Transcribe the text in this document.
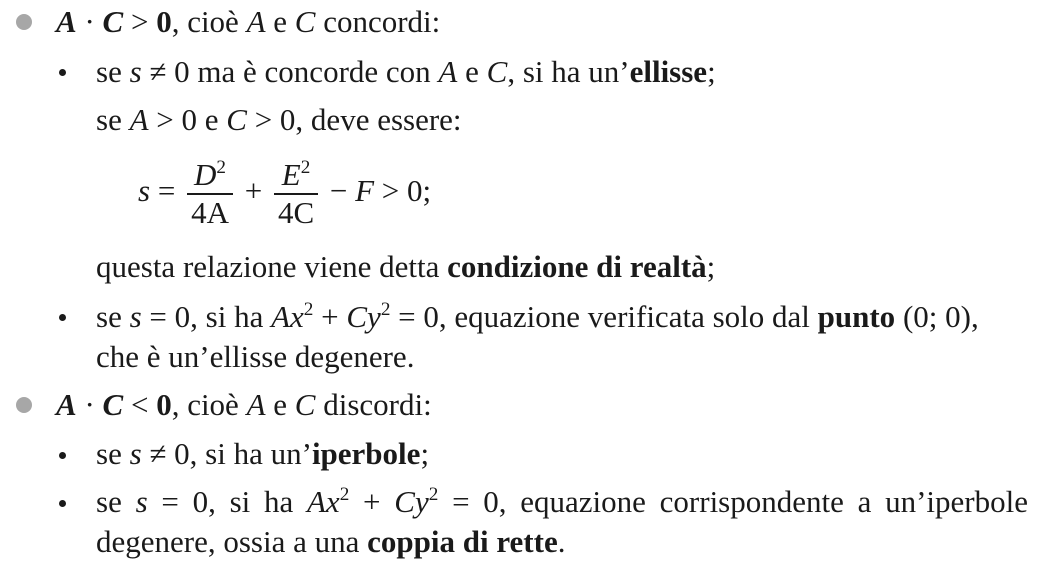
A · C > 0, cioè A e C concordi:
se s ≠ 0 ma è concorde con A e C, si ha un’ellisse;
se A > 0 e C > 0, deve essere:
$s = \frac{D^2}{4A} + \frac{E^2}{4C} - F > 0$;
questa relazione viene detta condizione di realtà;
se s = 0, si ha $Ax^2 + Cy^2 = 0$, equazione verificata solo dal punto (0; 0),
che è un’ellisse degenere.
A · C < 0, cioè A e C discordi:
se s ≠ 0, si ha un’iperbole;
se s = 0, si ha $Ax^2 + Cy^2 = 0$, equazione corrispondente a un’iperbole
degenere, ossia a una coppia di rette.
